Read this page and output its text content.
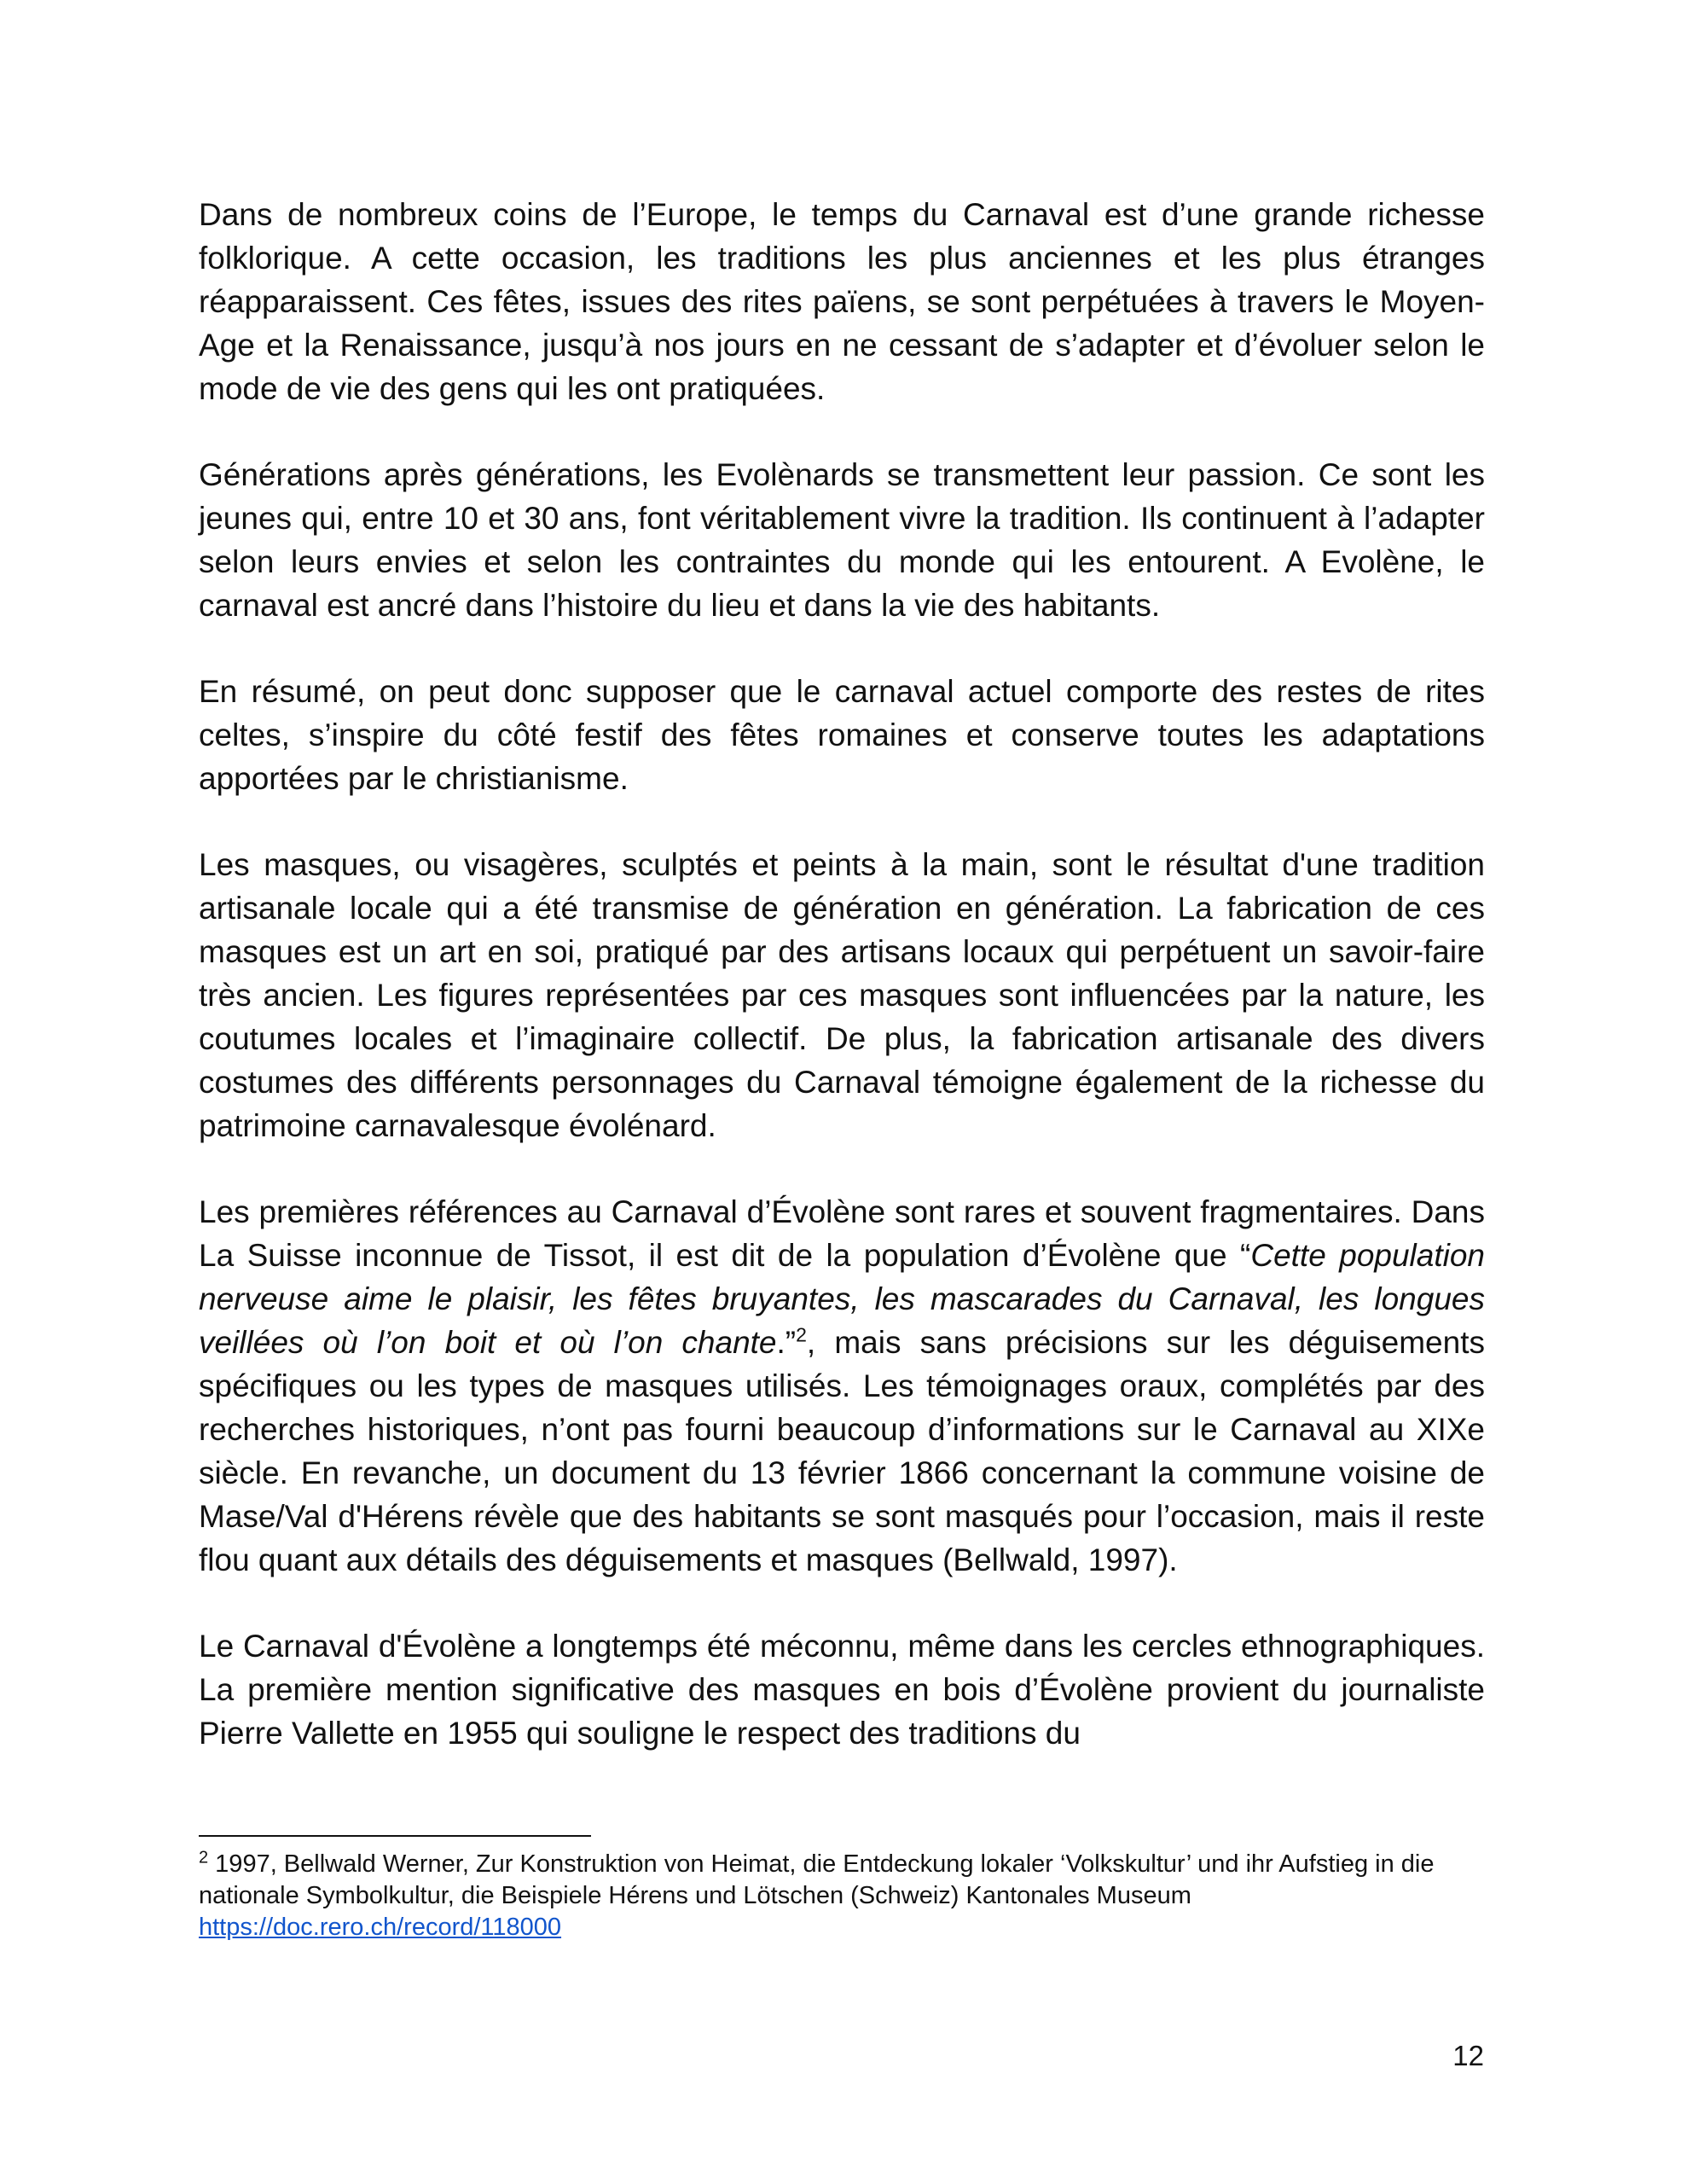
Dans de nombreux coins de l’Europe, le temps du Carnaval est d’une grande richesse folklorique. A cette occasion, les traditions les plus anciennes et les plus étranges réapparaissent. Ces fêtes, issues des rites païens, se sont perpétuées à travers le Moyen-Age et la Renaissance, jusqu’à nos jours en ne cessant de s’adapter et d’évoluer selon le mode de vie des gens qui les ont pratiquées.

Générations après générations, les Evolènards se transmettent leur passion. Ce sont les jeunes qui, entre 10 et 30 ans, font véritablement vivre la tradition. Ils continuent à l’adapter selon leurs envies et selon les contraintes du monde qui les entourent. A Evolène, le carnaval est ancré dans l’histoire du lieu et dans la vie des habitants.

En résumé, on peut donc supposer que le carnaval actuel comporte des restes de rites celtes, s’inspire du côté festif des fêtes romaines et conserve toutes les adaptations apportées par le christianisme.

Les masques, ou visagères, sculptés et peints à la main, sont le résultat d'une tradition artisanale locale qui a été transmise de génération en génération. La fabrication de ces masques est un art en soi, pratiqué par des artisans locaux qui perpétuent un savoir-faire très ancien. Les figures représentées par ces masques sont influencées par la nature, les coutumes locales et l’imaginaire collectif. De plus, la fabrication artisanale des divers costumes des différents personnages du Carnaval témoigne également de la richesse du patrimoine carnavalesque évolénard.

Les premières références au Carnaval d’Évolène sont rares et souvent fragmentaires. Dans La Suisse inconnue de Tissot, il est dit de la population d’Évolène que “Cette population nerveuse aime le plaisir, les fêtes bruyantes, les mascarades du Carnaval, les longues veillées où l’on boit et où l’on chante.”$^2$, mais sans précisions sur les déguisements spécifiques ou les types de masques utilisés. Les témoignages oraux, complétés par des recherches historiques, n’ont pas fourni beaucoup d’informations sur le Carnaval au XIXe siècle. En revanche, un document du 13 février 1866 concernant la commune voisine de Mase/Val d'Hérens révèle que des habitants se sont masqués pour l’occasion, mais il reste flou quant aux détails des déguisements et masques (Bellwald, 1997).

Le Carnaval d'Évolène a longtemps été méconnu, même dans les cercles ethnographiques. La première mention significative des masques en bois d’Évolène provient du journaliste Pierre Vallette en 1955 qui souligne le respect des traditions du

$^2$ 1997, Bellwald Werner, Zur Konstruktion von Heimat, die Entdeckung lokaler ‘Volkskultur’ und ihr Aufstieg in die nationale Symbolkultur, die Beispiele Hérens und Lötschen (Schweiz) Kantonales Museum
https://doc.rero.ch/record/118000
12
